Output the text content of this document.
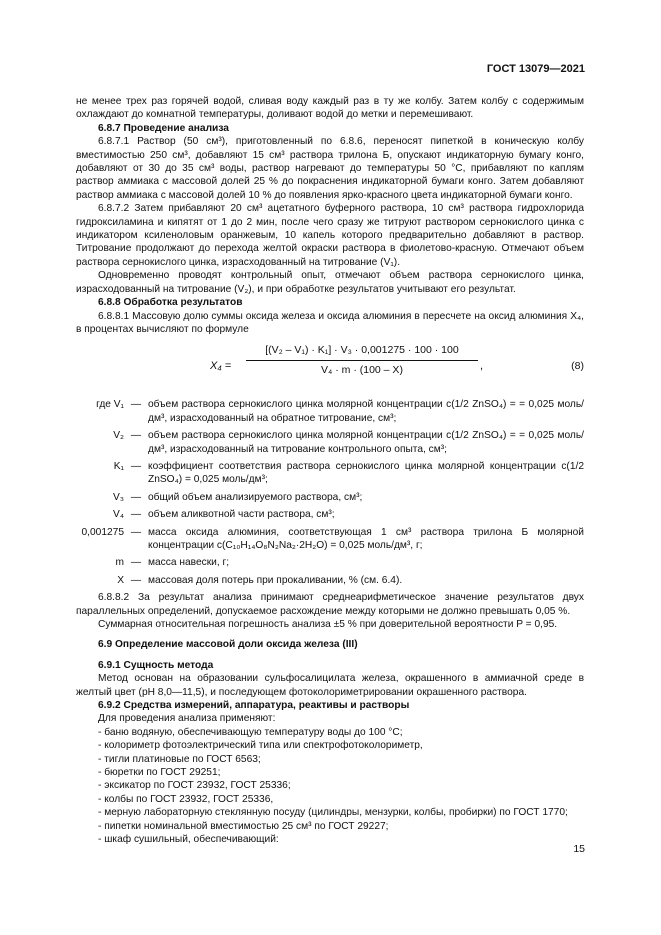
ГОСТ 13079—2021

не менее трех раз горячей водой, сливая воду каждый раз в ту же колбу. Затем колбу с содержимым охлаждают до комнатной температуры, доливают водой до метки и перемешивают.

6.8.7 Проведение анализа

6.8.7.1 Раствор (50 см³), приготовленный по 6.8.6, переносят пипеткой в коническую колбу вместимостью 250 см³, добавляют 15 см³ раствора трилона Б, опускают индикаторную бумагу конго, добавляют от 30 до 35 см³ воды, раствор нагревают до температуры 50 °С, прибавляют по каплям раствор аммиака с массовой долей 25 % до покраснения индикаторной бумаги конго. Затем добавляют раствор аммиака с массовой долей 10 % до появления ярко-красного цвета индикаторной бумаги конго.

6.8.7.2 Затем прибавляют 20 см³ ацетатного буферного раствора, 10 см³ раствора гидрохлорида гидроксиламина и кипятят от 1 до 2 мин, после чего сразу же титруют раствором сернокислого цинка с индикатором ксиленоловым оранжевым, 10 капель которого предварительно добавляют в раствор. Титрование продолжают до перехода желтой окраски раствора в фиолетово-красную. Отмечают объем раствора сернокислого цинка, израсходованный на титрование (V₁).

Одновременно проводят контрольный опыт, отмечают объем раствора сернокислого цинка, израсходованный на титрование (V₂), и при обработке результатов учитывают его результат.

6.8.8 Обработка результатов

6.8.8.1 Массовую долю суммы оксида железа и оксида алюминия в пересчете на оксид алюминия X₄, в процентах вычисляют по формуле

$X_4 = \frac{\text{[(V₂ – V₁) · K₁] · V₃ · 0,001275 · 100 · 100}}{\text{V₄ · m · (100 – X)}}$ ,	(8)
где V₁ — объем раствора сернокислого цинка молярной концентрации c(1/2 ZnSO₄) = = 0,025 моль/дм³, израсходованный на обратное титрование, см³;
V₂ — объем раствора сернокислого цинка молярной концентрации c(1/2 ZnSO₄) = = 0,025 моль/дм³, израсходованный на титрование контрольного опыта, см³;
K₁ — коэффициент соответствия раствора сернокислого цинка молярной концентрации c(1/2 ZnSO₄) = 0,025 моль/дм³;
V₃ — общий объем анализируемого раствора, см³;
V₄ — объем аликвотной части раствора, см³;
0,001275 — масса оксида алюминия, соответствующая 1 см³ раствора трилона Б молярной концентрации c(C₁₀H₁₄O₈N₂Na₂·2H₂O) = 0,025 моль/дм³, г;
m — масса навески, г;
X — массовая доля потерь при прокаливании, % (см. 6.4).

6.8.8.2 За результат анализа принимают среднеарифметическое значение результатов двух параллельных определений, допускаемое расхождение между которыми не должно превышать 0,05 %.

Суммарная относительная погрешность анализа ±5 % при доверительной вероятности P = 0,95.

6.9 Определение массовой доли оксида железа (III)

6.9.1 Сущность метода

Метод основан на образовании сульфосалицилата железа, окрашенного в аммиачной среде в желтый цвет (pH 8,0—11,5), и последующем фотоколориметрировании окрашенного раствора.

6.9.2 Средства измерений, аппаратура, реактивы и растворы

Для проведения анализа применяют:

- баню водяную, обеспечивающую температуру воды до 100 °С;

- колориметр фотоэлектрический типа или спектрофотоколориметр,

- тигли платиновые по ГОСТ 6563;

- бюретки по ГОСТ 29251;

- эксикатор по ГОСТ 23932, ГОСТ 25336;

- колбы по ГОСТ 23932, ГОСТ 25336,

- мерную лабораторную стеклянную посуду (цилиндры, мензурки, колбы, пробирки) по ГОСТ 1770;

- пипетки номинальной вместимостью 25 см³ по ГОСТ 29227;

- шкаф сушильный, обеспечивающий:

15
